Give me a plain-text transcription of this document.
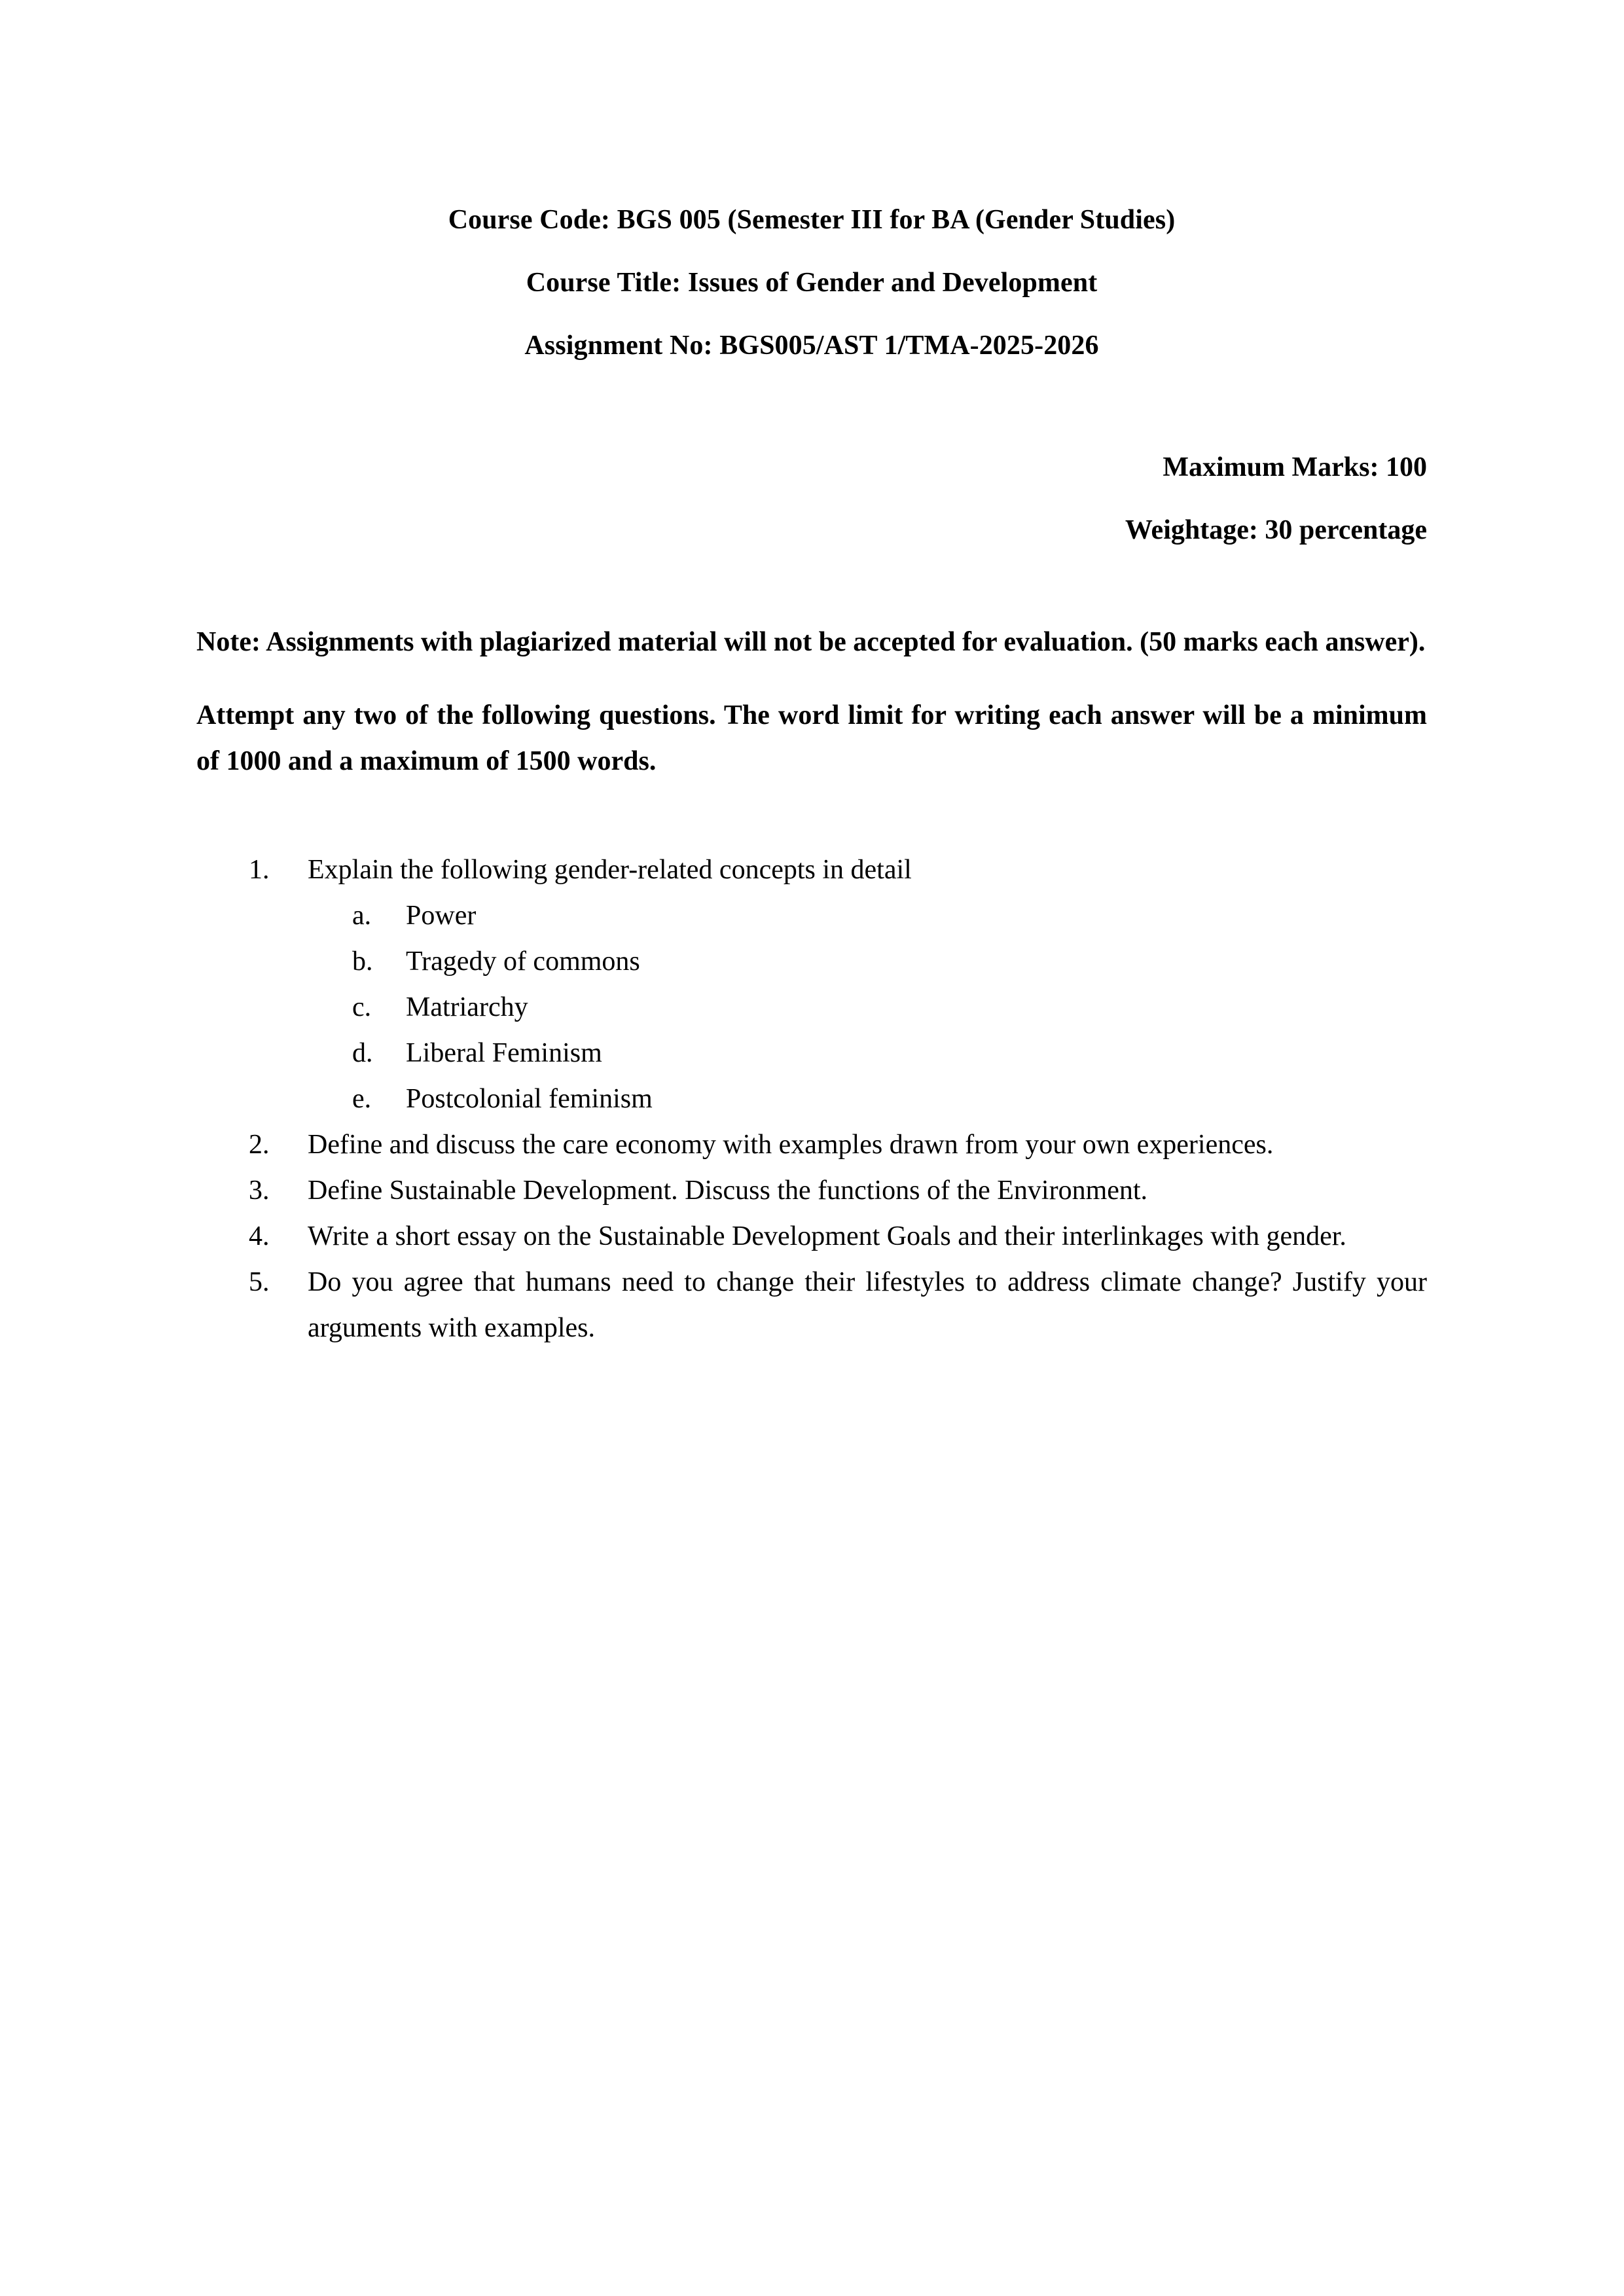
Course Code: BGS 005 (Semester III for BA (Gender Studies)
Course Title: Issues of Gender and Development
Assignment No: BGS005/AST 1/TMA-2025-2026
Maximum Marks: 100
Weightage: 30 percentage

Note: Assignments with plagiarized material will not be accepted for evaluation. (50 marks each answer).

Attempt any two of the following questions. The word limit for writing each answer will be a minimum of 1000 and a maximum of 1500 words.

1.	Explain the following gender-related concepts in detail
a.	Power
b.	Tragedy of commons
c.	Matriarchy
d.	Liberal Feminism
e.	Postcolonial feminism
2.	Define and discuss the care economy with examples drawn from your own experiences.
3.	Define Sustainable Development. Discuss the functions of the Environment.
4.	Write a short essay on the Sustainable Development Goals and their interlinkages with gender.
5.	Do you agree that humans need to change their lifestyles to address climate change? Justify your arguments with examples.
